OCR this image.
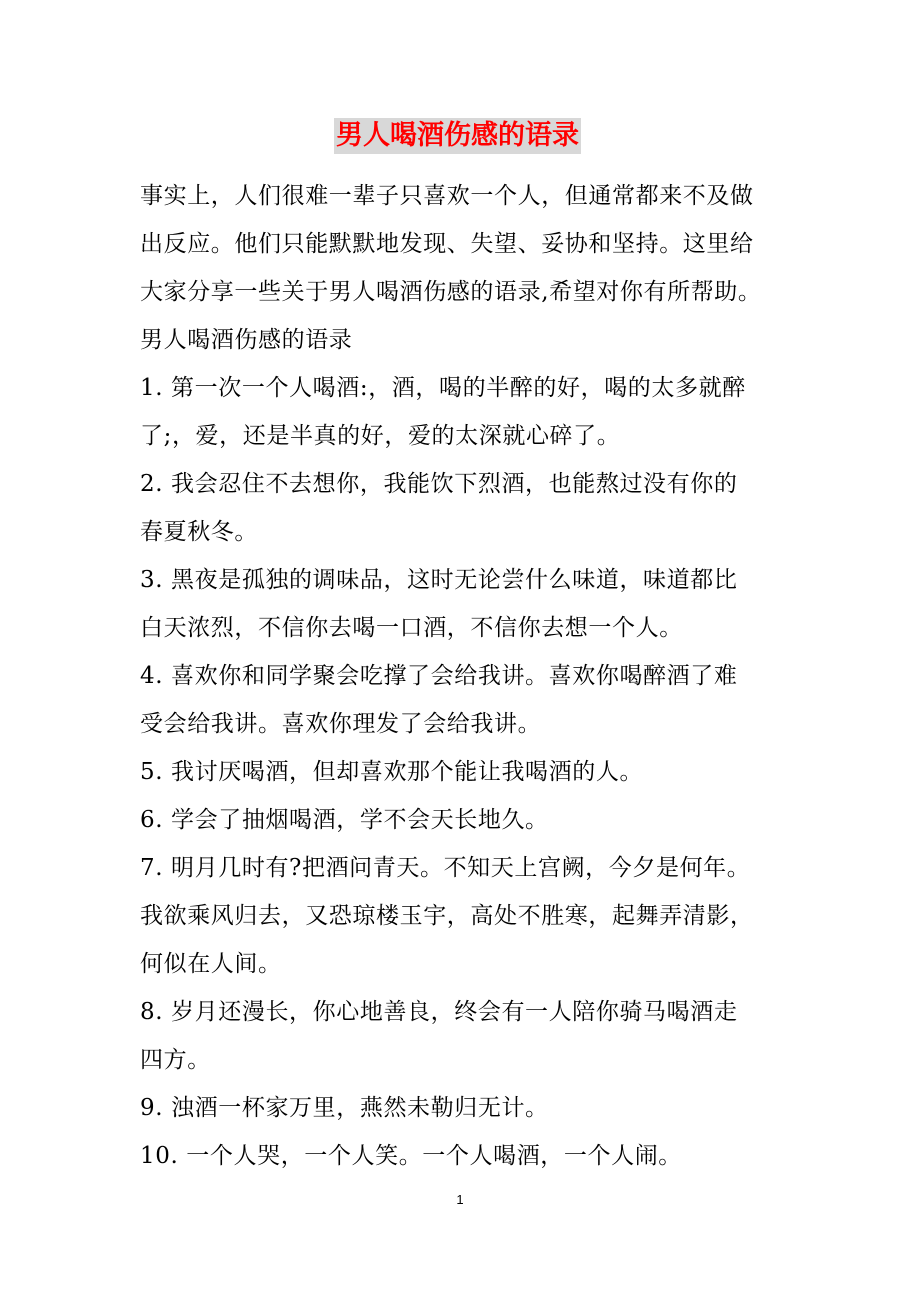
男人喝酒伤感的语录
事实上，人们很难一辈子只喜欢一个人，但通常都来不及做
出反应。他们只能默默地发现、失望、妥协和坚持。这里给
大家分享一些关于男人喝酒伤感的语录,希望对你有所帮助。
男人喝酒伤感的语录
1. 第一次一个人喝酒:，酒，喝的半醉的好，喝的太多就醉
了;，爱，还是半真的好，爱的太深就心碎了。
2. 我会忍住不去想你，我能饮下烈酒，也能熬过没有你的
春夏秋冬。
3. 黑夜是孤独的调味品，这时无论尝什么味道，味道都比
白天浓烈，不信你去喝一口酒，不信你去想一个人。
4. 喜欢你和同学聚会吃撑了会给我讲。喜欢你喝醉酒了难
受会给我讲。喜欢你理发了会给我讲。
5. 我讨厌喝酒，但却喜欢那个能让我喝酒的人。
6. 学会了抽烟喝酒，学不会天长地久。
7. 明月几时有?把酒问青天。不知天上宫阙，今夕是何年。
我欲乘风归去，又恐琼楼玉宇，高处不胜寒，起舞弄清影，
何似在人间。
8. 岁月还漫长，你心地善良，终会有一人陪你骑马喝酒走
四方。
9. 浊酒一杯家万里，燕然未勒归无计。
10. 一个人哭，一个人笑。一个人喝酒，一个人闹。
1
